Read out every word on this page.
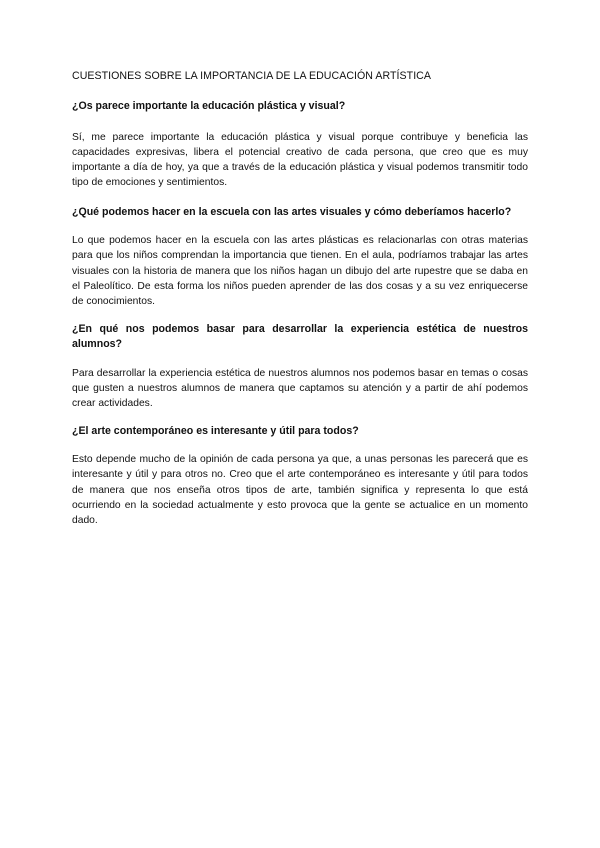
CUESTIONES SOBRE LA IMPORTANCIA DE LA EDUCACIÓN ARTÍSTICA
¿Os parece importante la educación plástica y visual?
Sí, me parece importante la educación plástica y visual porque contribuye y beneficia las capacidades expresivas, libera el potencial creativo de cada persona, que creo que es muy importante a día de hoy, ya que a través de la educación plástica y visual podemos transmitir todo tipo de emociones y sentimientos.
¿Qué podemos hacer en la escuela con las artes visuales y cómo deberíamos hacerlo?
Lo que podemos hacer en la escuela con las artes plásticas es relacionarlas con otras materias para que los niños comprendan la importancia que tienen. En el aula, podríamos trabajar las artes visuales con la historia de manera que los niños hagan un dibujo del arte rupestre que se daba en el Paleolítico. De esta forma los niños pueden aprender de las dos cosas y a su vez enriquecerse de conocimientos.
¿En qué nos podemos basar para desarrollar la experiencia estética de nuestros alumnos?
Para desarrollar la experiencia estética de nuestros alumnos nos podemos basar en temas o cosas que gusten a nuestros alumnos de manera que captamos su atención y a partir de ahí podemos crear actividades.
¿El arte contemporáneo es interesante y útil para todos?
Esto depende mucho de la opinión de cada persona ya que, a unas personas les parecerá que es interesante y útil y para otros no. Creo que el arte contemporáneo es interesante y útil para todos de manera que nos enseña otros tipos de arte, también significa y representa lo que está ocurriendo en la sociedad actualmente y esto provoca que la gente se actualice en un momento dado.
